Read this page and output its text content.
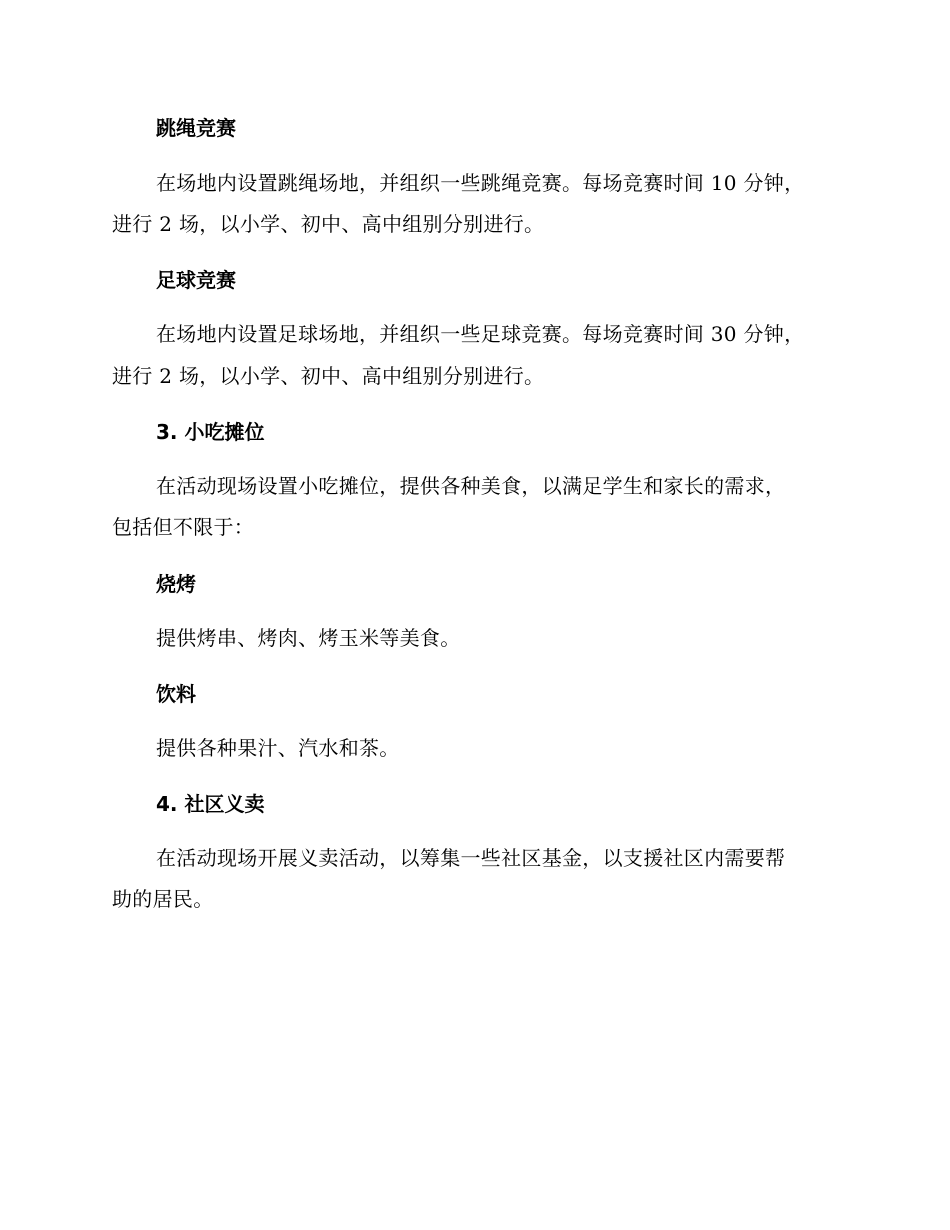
跳绳竞赛
在场地内设置跳绳场地，并组织一些跳绳竞赛。每场竞赛时间 10 分钟，
进行 2 场，以小学、初中、高中组别分别进行。
足球竞赛
在场地内设置足球场地，并组织一些足球竞赛。每场竞赛时间 30 分钟，
进行 2 场，以小学、初中、高中组别分别进行。
3. 小吃摊位
在活动现场设置小吃摊位，提供各种美食，以满足学生和家长的需求，
包括但不限于：
烧烤
提供烤串、烤肉、烤玉米等美食。
饮料
提供各种果汁、汽水和茶。
4. 社区义卖
在活动现场开展义卖活动，以筹集一些社区基金，以支援社区内需要帮
助的居民。
